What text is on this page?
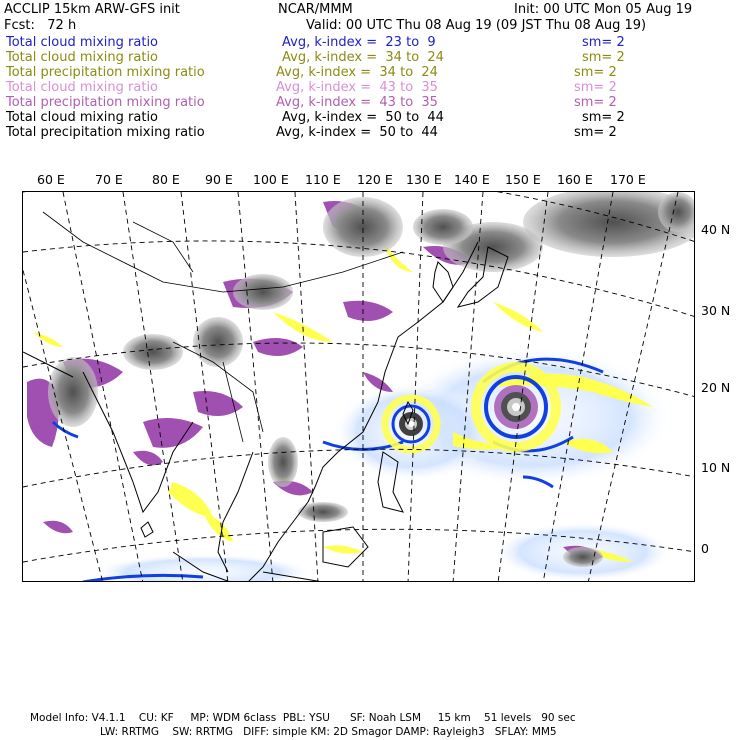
ACCLIP 15km ARW-GFS init	NCAR/MMM	Init: 00 UTC Mon 05 Aug 19
Fcst:   72 h	Valid: 00 UTC Thu 08 Aug 19 (09 JST Thu 08 Aug 19)
Total cloud mixing ratio	Avg, k-index =  23 to  9	sm= 2
Total cloud mixing ratio	Avg, k-index =  34 to  24	sm= 2
Total precipitation mixing ratio	Avg, k-index =  34 to  24	sm= 2
Total cloud mixing ratio	Avg, k-index =  43 to  35	sm= 2
Total precipitation mixing ratio	Avg, k-index =  43 to  35	sm= 2
Total cloud mixing ratio	Avg, k-index =  50 to  44	sm= 2
Total precipitation mixing ratio	Avg, k-index =  50 to  44	sm= 2
60 E 70 E 80 E 90 E 100 E 110 E 120 E 130 E 140 E 150 E 160 E 170 E
40 N
30 N
20 N
10 N
0
Model Info: V4.1.1    CU: KF     MP: WDM 6class  PBL: YSU      SF: Noah LSM     15 km    51 levels   90 sec
LW: RRTMG    SW: RRTMG   DIFF: simple KM: 2D Smagor DAMP: Rayleigh3   SFLAY: MM5
